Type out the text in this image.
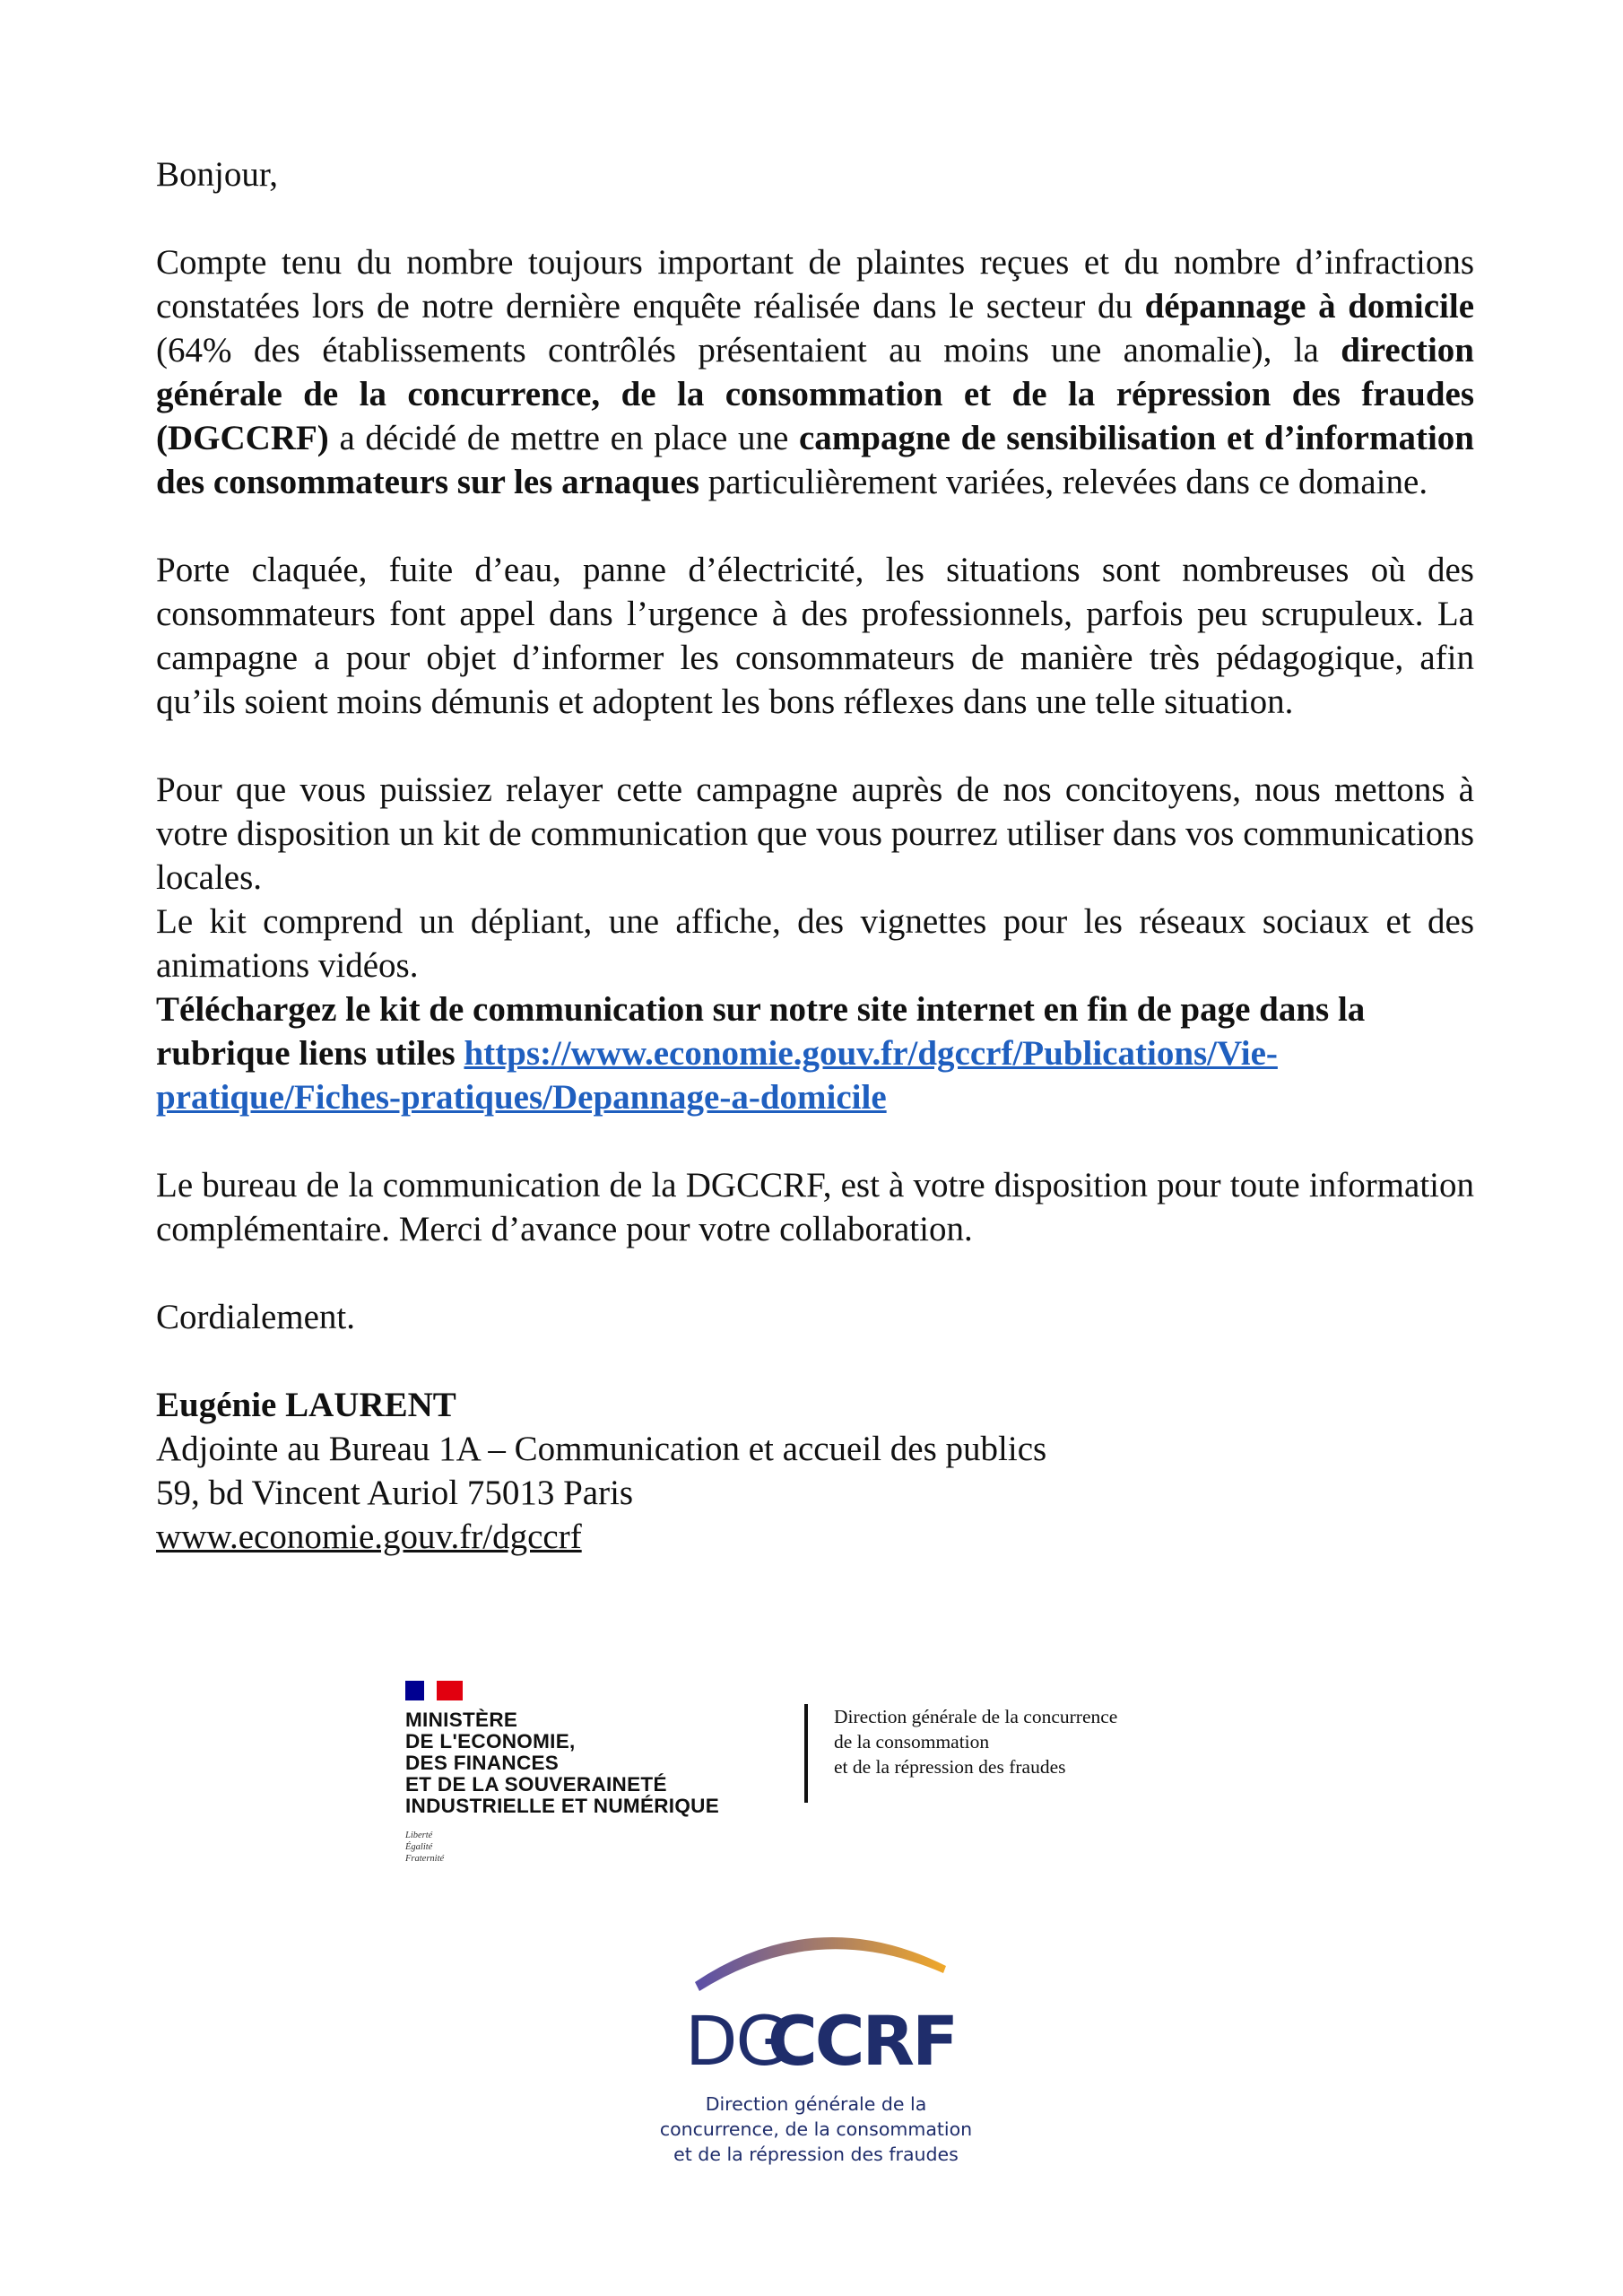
Bonjour,

Compte tenu du nombre toujours important de plaintes reçues et du nombre d’infractions constatées lors de notre dernière enquête réalisée dans le secteur du dépannage à domicile (64% des établissements contrôlés présentaient au moins une anomalie), la direction générale de la concurrence, de la consommation et de la répression des fraudes (DGCCRF) a décidé de mettre en place une campagne de sensibilisation et d’information des consommateurs sur les arnaques particulièrement variées, relevées dans ce domaine.

Porte claquée, fuite d’eau, panne d’électricité, les situations sont nombreuses où des consommateurs font appel dans l’urgence à des professionnels, parfois peu scrupuleux. La campagne a pour objet d’informer les consommateurs de manière très pédagogique, afin qu’ils soient moins démunis et adoptent les bons réflexes dans une telle situation.

Pour que vous puissiez relayer cette campagne auprès de nos concitoyens, nous mettons à votre disposition un kit de communication que vous pourrez utiliser dans vos communications locales.

Le kit comprend un dépliant, une affiche, des vignettes pour les réseaux sociaux et des animations vidéos.

Téléchargez le kit de communication sur notre site internet en fin de page dans la rubrique liens utiles https://www.economie.gouv.fr/dgccrf/Publications/Vie-pratique/Fiches-pratiques/Depannage-a-domicile

Le bureau de la communication de la DGCCRF, est à votre disposition pour toute information complémentaire. Merci d’avance pour votre collaboration.

Cordialement.

Eugénie LAURENT

Adjointe au Bureau 1A – Communication et accueil des publics

59, bd Vincent Auriol 75013 Paris

www.economie.gouv.fr/dgccrf

MINISTÈRE
DE L'ECONOMIE,
DES FINANCES
ET DE LA SOUVERAINETÉ
INDUSTRIELLE ET NUMÉRIQUE
Liberté
Égalité
Fraternité
Direction générale de la concurrence
de la consommation
et de la répression des fraudes
DG
CCRF
Direction générale de la
concurrence, de la consommation
et de la répression des fraudes
